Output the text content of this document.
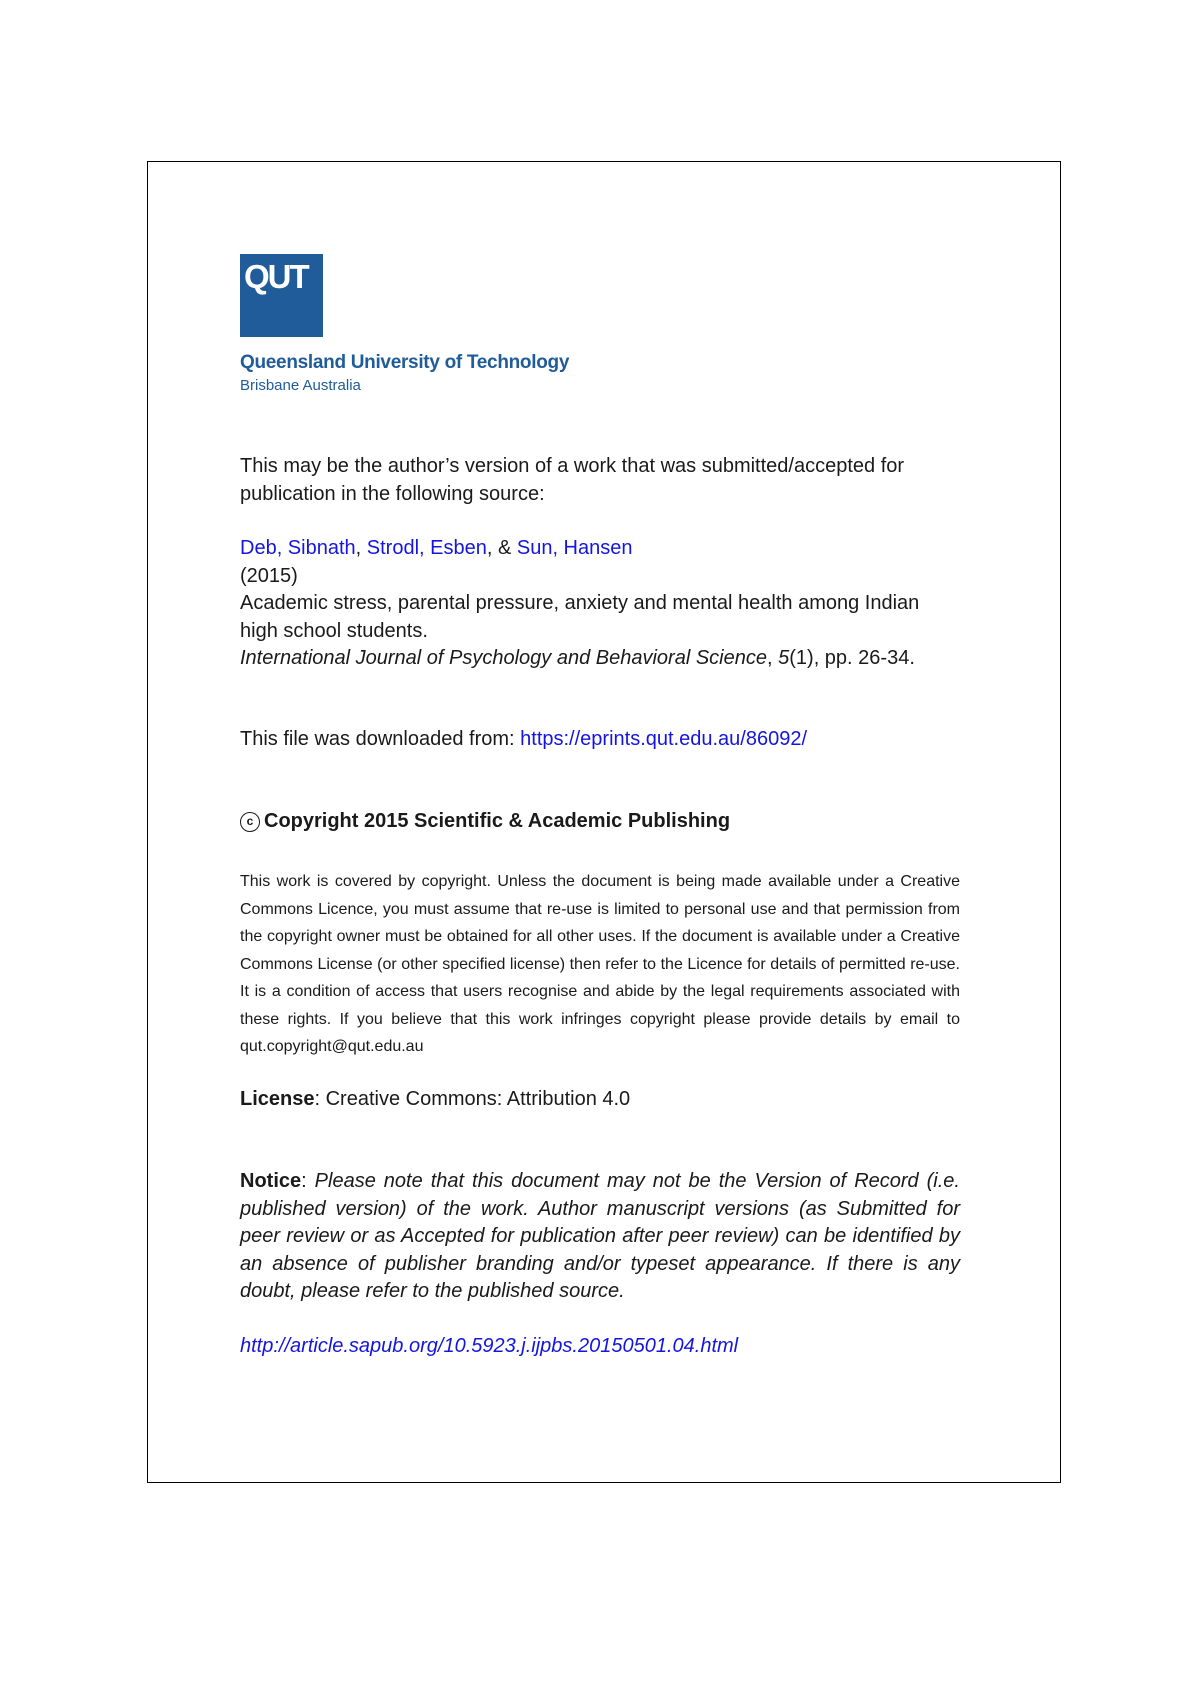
QUT
Queensland University of Technology
Brisbane Australia
This may be the author’s version of a work that was submitted/accepted for publication in the following source:
Deb, Sibnath, Strodl, Esben, & Sun, Hansen
(2015)
Academic stress, parental pressure, anxiety and mental health among Indian high school students.
International Journal of Psychology and Behavioral Science, 5(1), pp. 26-34.
This file was downloaded from: https://eprints.qut.edu.au/86092/
c Copyright 2015 Scientific & Academic Publishing
This work is covered by copyright. Unless the document is being made available under a Creative Commons Licence, you must assume that re-use is limited to personal use and that permission from the copyright owner must be obtained for all other uses. If the document is available under a Creative Commons License (or other specified license) then refer to the Licence for details of permitted re-use. It is a condition of access that users recognise and abide by the legal requirements associated with these rights. If you believe that this work infringes copyright please provide details by email to qut.copyright@qut.edu.au
License: Creative Commons: Attribution 4.0
Notice: Please note that this document may not be the Version of Record (i.e. published version) of the work. Author manuscript versions (as Submitted for peer review or as Accepted for publication after peer review) can be identified by an absence of publisher branding and/or typeset appearance. If there is any doubt, please refer to the published source.
http://article.sapub.org/10.5923.j.ijpbs.20150501.04.html
